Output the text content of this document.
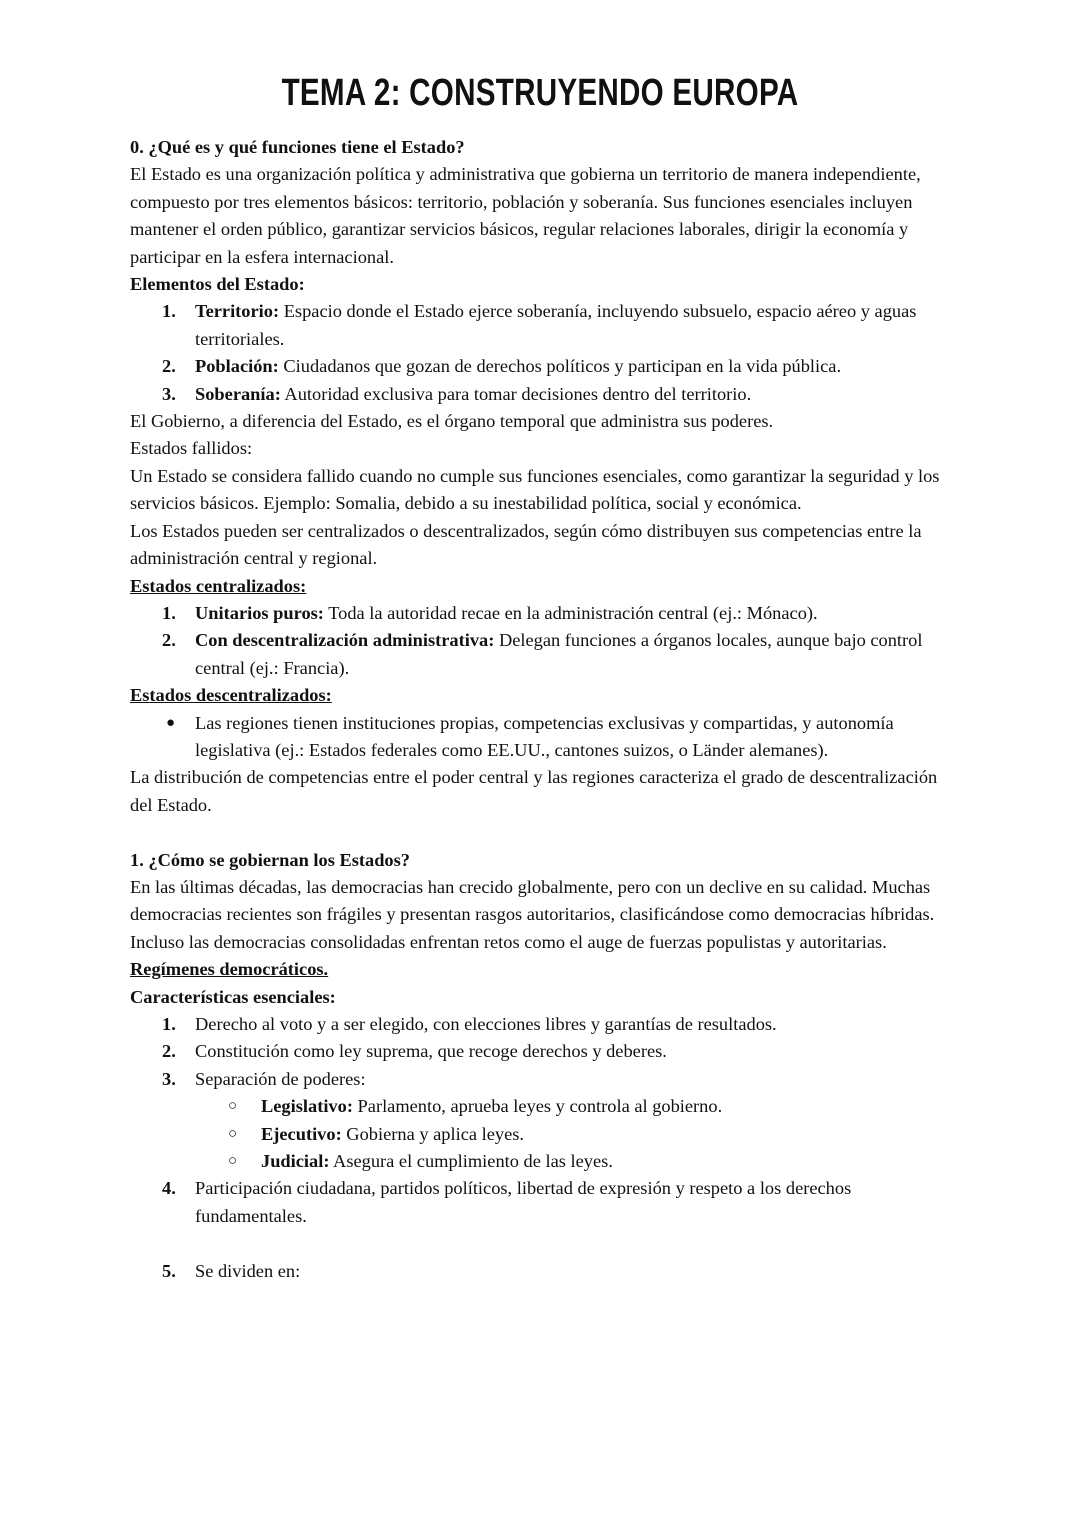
TEMA 2: CONSTRUYENDO EUROPA

0. ¿Qué es y qué funciones tiene el Estado?

El Estado es una organización política y administrativa que gobierna un territorio de manera independiente, compuesto por tres elementos básicos: territorio, población y soberanía. Sus funciones esenciales incluyen mantener el orden público, garantizar servicios básicos, regular relaciones laborales, dirigir la economía y participar en la esfera internacional.

Elementos del Estado:

1. Territorio: Espacio donde el Estado ejerce soberanía, incluyendo subsuelo, espacio aéreo y aguas territoriales.
2. Población: Ciudadanos que gozan de derechos políticos y participan en la vida pública.
3. Soberanía: Autoridad exclusiva para tomar decisiones dentro del territorio.

El Gobierno, a diferencia del Estado, es el órgano temporal que administra sus poderes.

Estados fallidos:

Un Estado se considera fallido cuando no cumple sus funciones esenciales, como garantizar la seguridad y los servicios básicos. Ejemplo: Somalia, debido a su inestabilidad política, social y económica.

Los Estados pueden ser centralizados o descentralizados, según cómo distribuyen sus competencias entre la administración central y regional.

Estados centralizados:

1. Unitarios puros: Toda la autoridad recae en la administración central (ej.: Mónaco).
2. Con descentralización administrativa: Delegan funciones a órganos locales, aunque bajo control central (ej.: Francia).

Estados descentralizados:

● Las regiones tienen instituciones propias, competencias exclusivas y compartidas, y autonomía legislativa (ej.: Estados federales como EE.UU., cantones suizos, o Länder alemanes).

La distribución de competencias entre el poder central y las regiones caracteriza el grado de descentralización del Estado.

1. ¿Cómo se gobiernan los Estados?

En las últimas décadas, las democracias han crecido globalmente, pero con un declive en su calidad. Muchas democracias recientes son frágiles y presentan rasgos autoritarios, clasificándose como democracias híbridas. Incluso las democracias consolidadas enfrentan retos como el auge de fuerzas populistas y autoritarias.

Regímenes democráticos.

Características esenciales:

1. Derecho al voto y a ser elegido, con elecciones libres y garantías de resultados.
2. Constitución como ley suprema, que recoge derechos y deberes.
3. Separación de poderes:
○ Legislativo: Parlamento, aprueba leyes y controla al gobierno.
○ Ejecutivo: Gobierna y aplica leyes.
○ Judicial: Asegura el cumplimiento de las leyes.
4. Participación ciudadana, partidos políticos, libertad de expresión y respeto a los derechos fundamentales.
5. Se dividen en:
